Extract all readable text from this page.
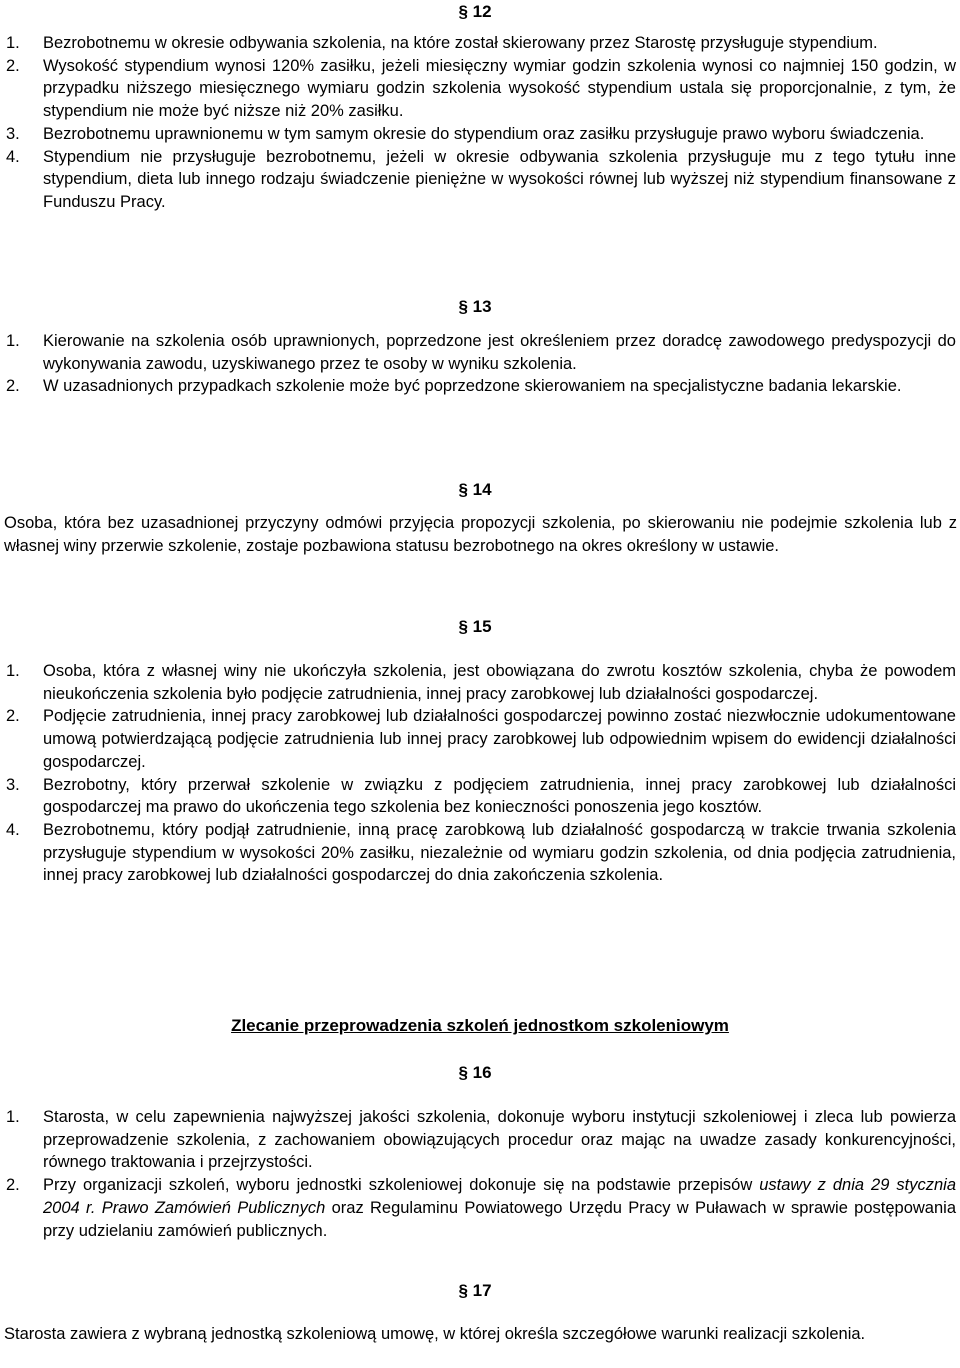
§ 12
1. Bezrobotnemu w okresie odbywania szkolenia, na które został skierowany przez Starostę przysługuje stypendium.
2. Wysokość stypendium wynosi 120% zasiłku, jeżeli miesięczny wymiar godzin szkolenia wynosi co najmniej 150 godzin, w przypadku niższego miesięcznego wymiaru godzin szkolenia wysokość stypendium ustala się proporcjonalnie, z tym, że stypendium nie może być niższe niż 20% zasiłku.
3. Bezrobotnemu uprawnionemu w tym samym okresie do stypendium oraz zasiłku przysługuje prawo wyboru świadczenia.
4. Stypendium nie przysługuje bezrobotnemu, jeżeli w okresie odbywania szkolenia przysługuje mu z tego tytułu inne stypendium, dieta lub innego rodzaju świadczenie pieniężne w wysokości równej lub wyższej niż stypendium finansowane z Funduszu Pracy.
§ 13
1. Kierowanie na szkolenia osób uprawnionych, poprzedzone jest określeniem przez doradcę zawodowego predyspozycji do wykonywania zawodu, uzyskiwanego przez te osoby w wyniku szkolenia.
2. W uzasadnionych przypadkach szkolenie może być poprzedzone skierowaniem na specjalistyczne badania lekarskie.
§ 14
Osoba, która bez uzasadnionej przyczyny odmówi przyjęcia propozycji szkolenia, po skierowaniu nie podejmie szkolenia lub z własnej winy przerwie szkolenie, zostaje pozbawiona statusu bezrobotnego na okres określony w ustawie.
§ 15
1. Osoba, która z własnej winy nie ukończyła szkolenia, jest obowiązana do zwrotu kosztów szkolenia, chyba że powodem nieukończenia szkolenia było podjęcie zatrudnienia, innej pracy zarobkowej lub działalności gospodarczej.
2. Podjęcie zatrudnienia, innej pracy zarobkowej lub działalności gospodarczej powinno zostać niezwłocznie udokumentowane umową potwierdzającą podjęcie zatrudnienia lub innej pracy zarobkowej lub odpowiednim wpisem do ewidencji działalności gospodarczej.
3. Bezrobotny, który przerwał szkolenie w związku z podjęciem zatrudnienia, innej pracy zarobkowej lub działalności gospodarczej ma prawo do ukończenia tego szkolenia bez konieczności ponoszenia jego kosztów.
4. Bezrobotnemu, który podjął zatrudnienie, inną pracę zarobkową lub działalność gospodarczą w trakcie trwania szkolenia przysługuje stypendium w wysokości 20% zasiłku, niezależnie od wymiaru godzin szkolenia, od dnia podjęcia zatrudnienia, innej pracy zarobkowej lub działalności gospodarczej do dnia zakończenia szkolenia.
Zlecanie przeprowadzenia szkoleń jednostkom szkoleniowym
§ 16
1. Starosta, w celu zapewnienia najwyższej jakości szkolenia, dokonuje wyboru instytucji szkoleniowej i zleca lub powierza przeprowadzenie szkolenia, z zachowaniem obowiązujących procedur oraz mając na uwadze zasady konkurencyjności, równego traktowania i przejrzystości.
2. Przy organizacji szkoleń, wyboru jednostki szkoleniowej dokonuje się na podstawie przepisów ustawy z dnia 29 stycznia 2004 r. Prawo Zamówień Publicznych oraz Regulaminu Powiatowego Urzędu Pracy w Puławach w sprawie postępowania przy udzielaniu zamówień publicznych.
§ 17
Starosta zawiera z wybraną jednostką szkoleniową umowę, w której określa szczegółowe warunki realizacji szkolenia.
